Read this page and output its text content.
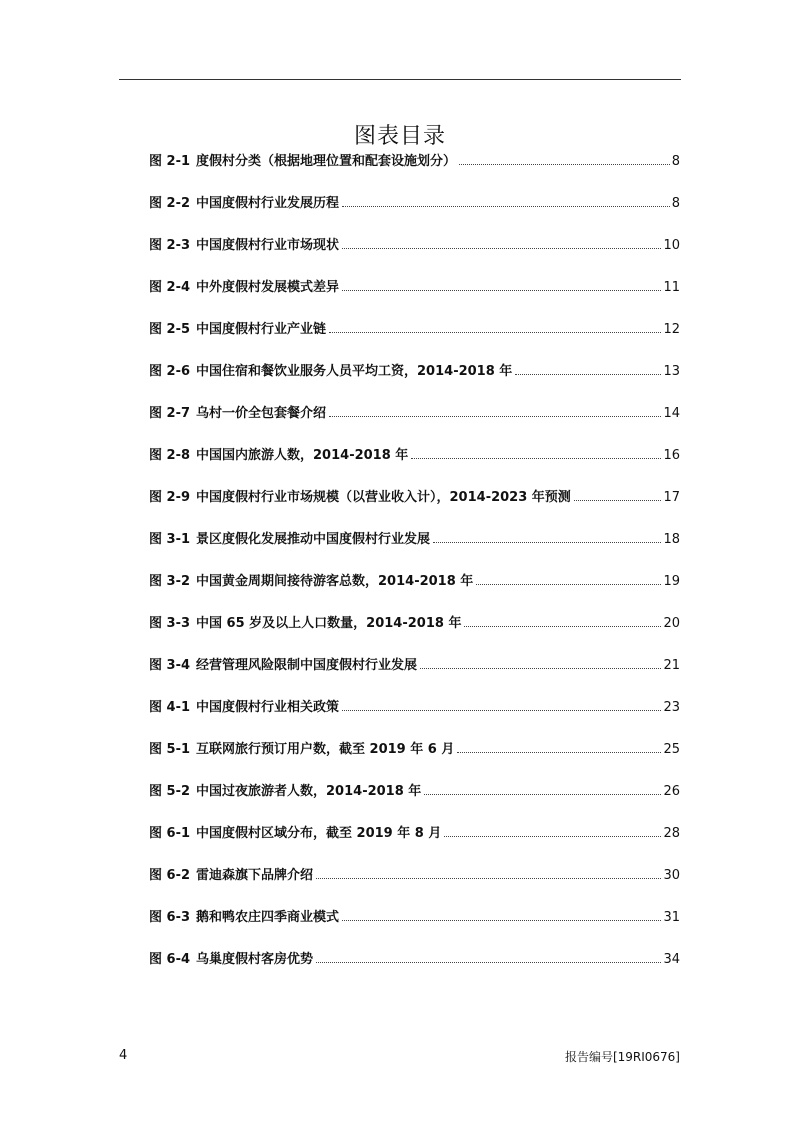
图表目录
图 2-1 度假村分类（根据地理位置和配套设施划分）	8
图 2-2 中国度假村行业发展历程	8
图 2-3 中国度假村行业市场现状	10
图 2-4 中外度假村发展模式差异	11
图 2-5 中国度假村行业产业链	12
图 2-6 中国住宿和餐饮业服务人员平均工资，2014-2018 年	13
图 2-7 乌村一价全包套餐介绍	14
图 2-8 中国国内旅游人数，2014-2018 年	16
图 2-9 中国度假村行业市场规模（以营业收入计），2014-2023 年预测	17
图 3-1 景区度假化发展推动中国度假村行业发展	18
图 3-2 中国黄金周期间接待游客总数，2014-2018 年	19
图 3-3 中国 65 岁及以上人口数量，2014-2018 年	20
图 3-4 经营管理风险限制中国度假村行业发展	21
图 4-1 中国度假村行业相关政策	23
图 5-1 互联网旅行预订用户数，截至 2019 年 6 月	25
图 5-2 中国过夜旅游者人数，2014-2018 年	26
图 6-1 中国度假村区域分布，截至 2019 年 8 月	28
图 6-2 雷迪森旗下品牌介绍	30
图 6-3 鹅和鸭农庄四季商业模式	31
图 6-4 乌巢度假村客房优势	34
4	报告编号[19RI0676]
